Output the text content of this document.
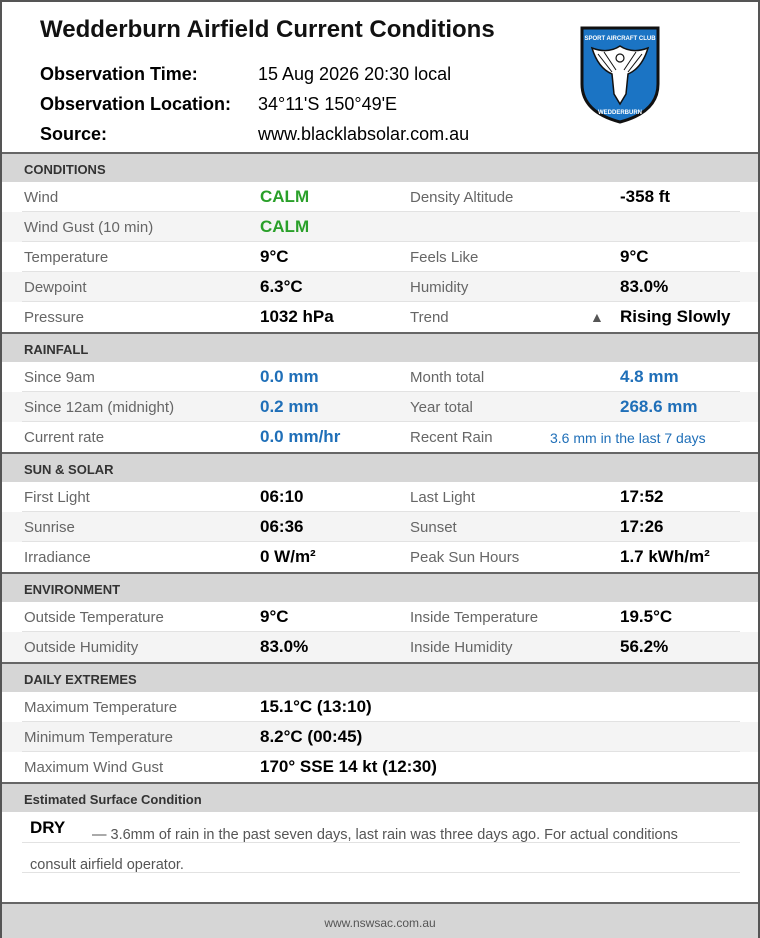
Wedderburn Airfield Current Conditions
Observation Time:	15 Aug 2026 20:30 local
Observation Location: 34°11'S 150°49'E
Source:	www.blacklabsolar.com.au
SPORT AIRCRAFT CLUB
WEDDERBURN
CONDITIONS
Wind	CALM	Density Altitude	-358 ft
Wind Gust (10 min)	CALM
Temperature	9°C	Feels Like	9°C
Dewpoint	6.3°C	Humidity	83.0%
Pressure	1032 hPa	Trend	▲ Rising Slowly
RAINFALL
Since 9am	0.0 mm	Month total	4.8 mm
Since 12am (midnight)	0.2 mm	Year total	268.6 mm
Current rate	0.0 mm/hr	Recent Rain	3.6 mm in the last 7 days
SUN & SOLAR
First Light	06:10	Last Light	17:52
Sunrise	06:36	Sunset	17:26
Irradiance	0 W/m²	Peak Sun Hours	1.7 kWh/m²
ENVIRONMENT
Outside Temperature	9°C	Inside Temperature	19.5°C
Outside Humidity	83.0%	Inside Humidity	56.2%
DAILY EXTREMES
Maximum Temperature	15.1°C (13:10)
Minimum Temperature	8.2°C (00:45)
Maximum Wind Gust	170° SSE 14 kt (12:30)
Estimated Surface Condition
— 3.6mm of rain in the past seven days, last rain was three days ago. For actual conditions consult airfield operator.
DRY
www.nswsac.com.au
